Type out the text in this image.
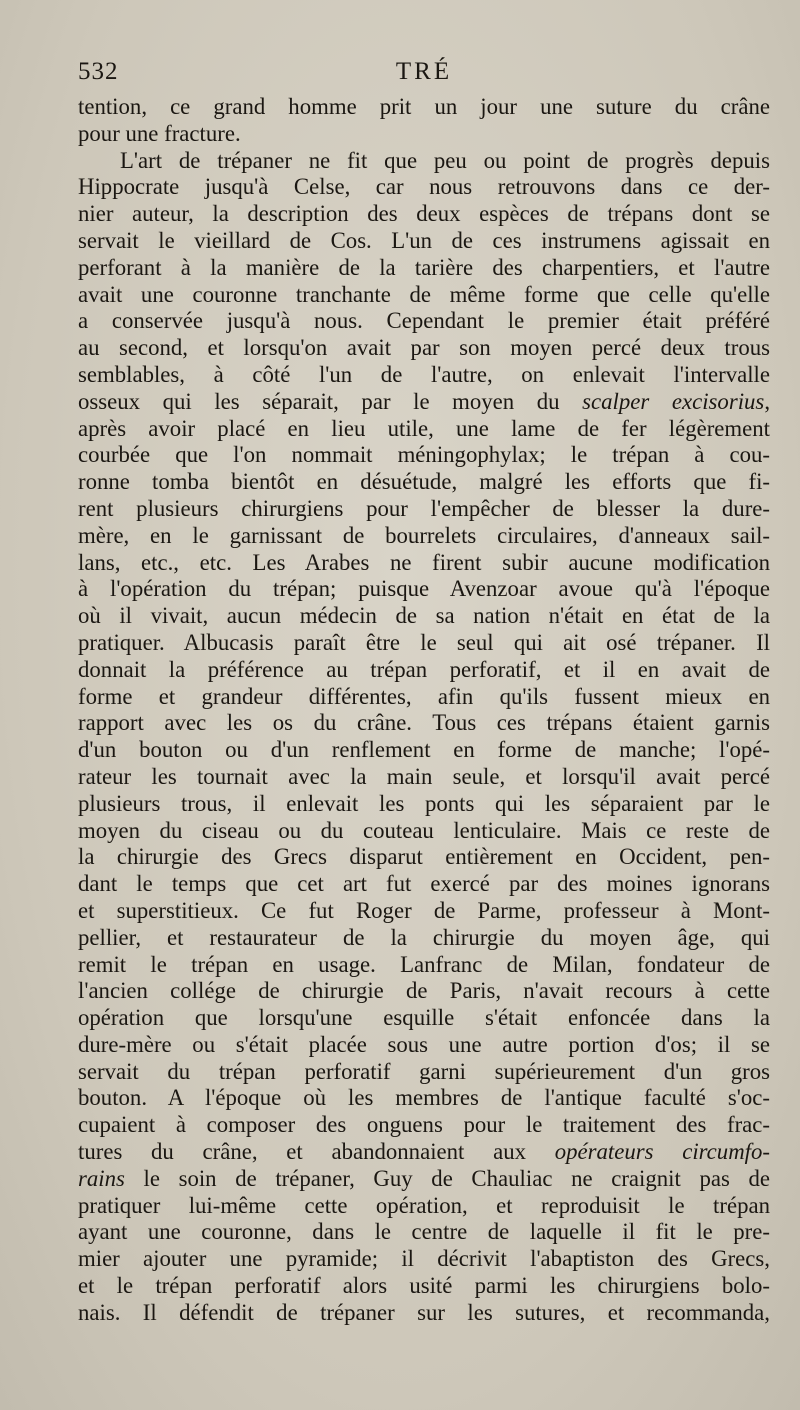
532	TRÉ
tention, ce grand homme prit un jour une suture du crâne
pour une fracture.
L'art de trépaner ne fit que peu ou point de progrès depuis
Hippocrate jusqu'à Celse, car nous retrouvons dans ce der-
nier auteur, la description des deux espèces de trépans dont se
servait le vieillard de Cos. L'un de ces instrumens agissait en
perforant à la manière de la tarière des charpentiers, et l'autre
avait une couronne tranchante de même forme que celle qu'elle
a conservée jusqu'à nous. Cependant le premier était préféré
au second, et lorsqu'on avait par son moyen percé deux trous
semblables, à côté l'un de l'autre, on enlevait l'intervalle
osseux qui les séparait, par le moyen du scalper excisorius,
après avoir placé en lieu utile, une lame de fer légèrement
courbée que l'on nommait méningophylax; le trépan à cou-
ronne tomba bientôt en désuétude, malgré les efforts que fi-
rent plusieurs chirurgiens pour l'empêcher de blesser la dure-
mère, en le garnissant de bourrelets circulaires, d'anneaux sail-
lans, etc., etc. Les Arabes ne firent subir aucune modification
à l'opération du trépan; puisque Avenzoar avoue qu'à l'époque
où il vivait, aucun médecin de sa nation n'était en état de la
pratiquer. Albucasis paraît être le seul qui ait osé trépaner. Il
donnait la préférence au trépan perforatif, et il en avait de
forme et grandeur différentes, afin qu'ils fussent mieux en
rapport avec les os du crâne. Tous ces trépans étaient garnis
d'un bouton ou d'un renflement en forme de manche; l'opé-
rateur les tournait avec la main seule, et lorsqu'il avait percé
plusieurs trous, il enlevait les ponts qui les séparaient par le
moyen du ciseau ou du couteau lenticulaire. Mais ce reste de
la chirurgie des Grecs disparut entièrement en Occident, pen-
dant le temps que cet art fut exercé par des moines ignorans
et superstitieux. Ce fut Roger de Parme, professeur à Mont-
pellier, et restaurateur de la chirurgie du moyen âge, qui
remit le trépan en usage. Lanfranc de Milan, fondateur de
l'ancien collége de chirurgie de Paris, n'avait recours à cette
opération que lorsqu'une esquille s'était enfoncée dans la
dure-mère ou s'était placée sous une autre portion d'os; il se
servait du trépan perforatif garni supérieurement d'un gros
bouton. A l'époque où les membres de l'antique faculté s'oc-
cupaient à composer des onguens pour le traitement des frac-
tures du crâne, et abandonnaient aux opérateurs circumfo-
rains le soin de trépaner, Guy de Chauliac ne craignit pas de
pratiquer lui-même cette opération, et reproduisit le trépan
ayant une couronne, dans le centre de laquelle il fit le pre-
mier ajouter une pyramide; il décrivit l'abaptiston des Grecs,
et le trépan perforatif alors usité parmi les chirurgiens bolo-
nais. Il défendit de trépaner sur les sutures, et recommanda,
